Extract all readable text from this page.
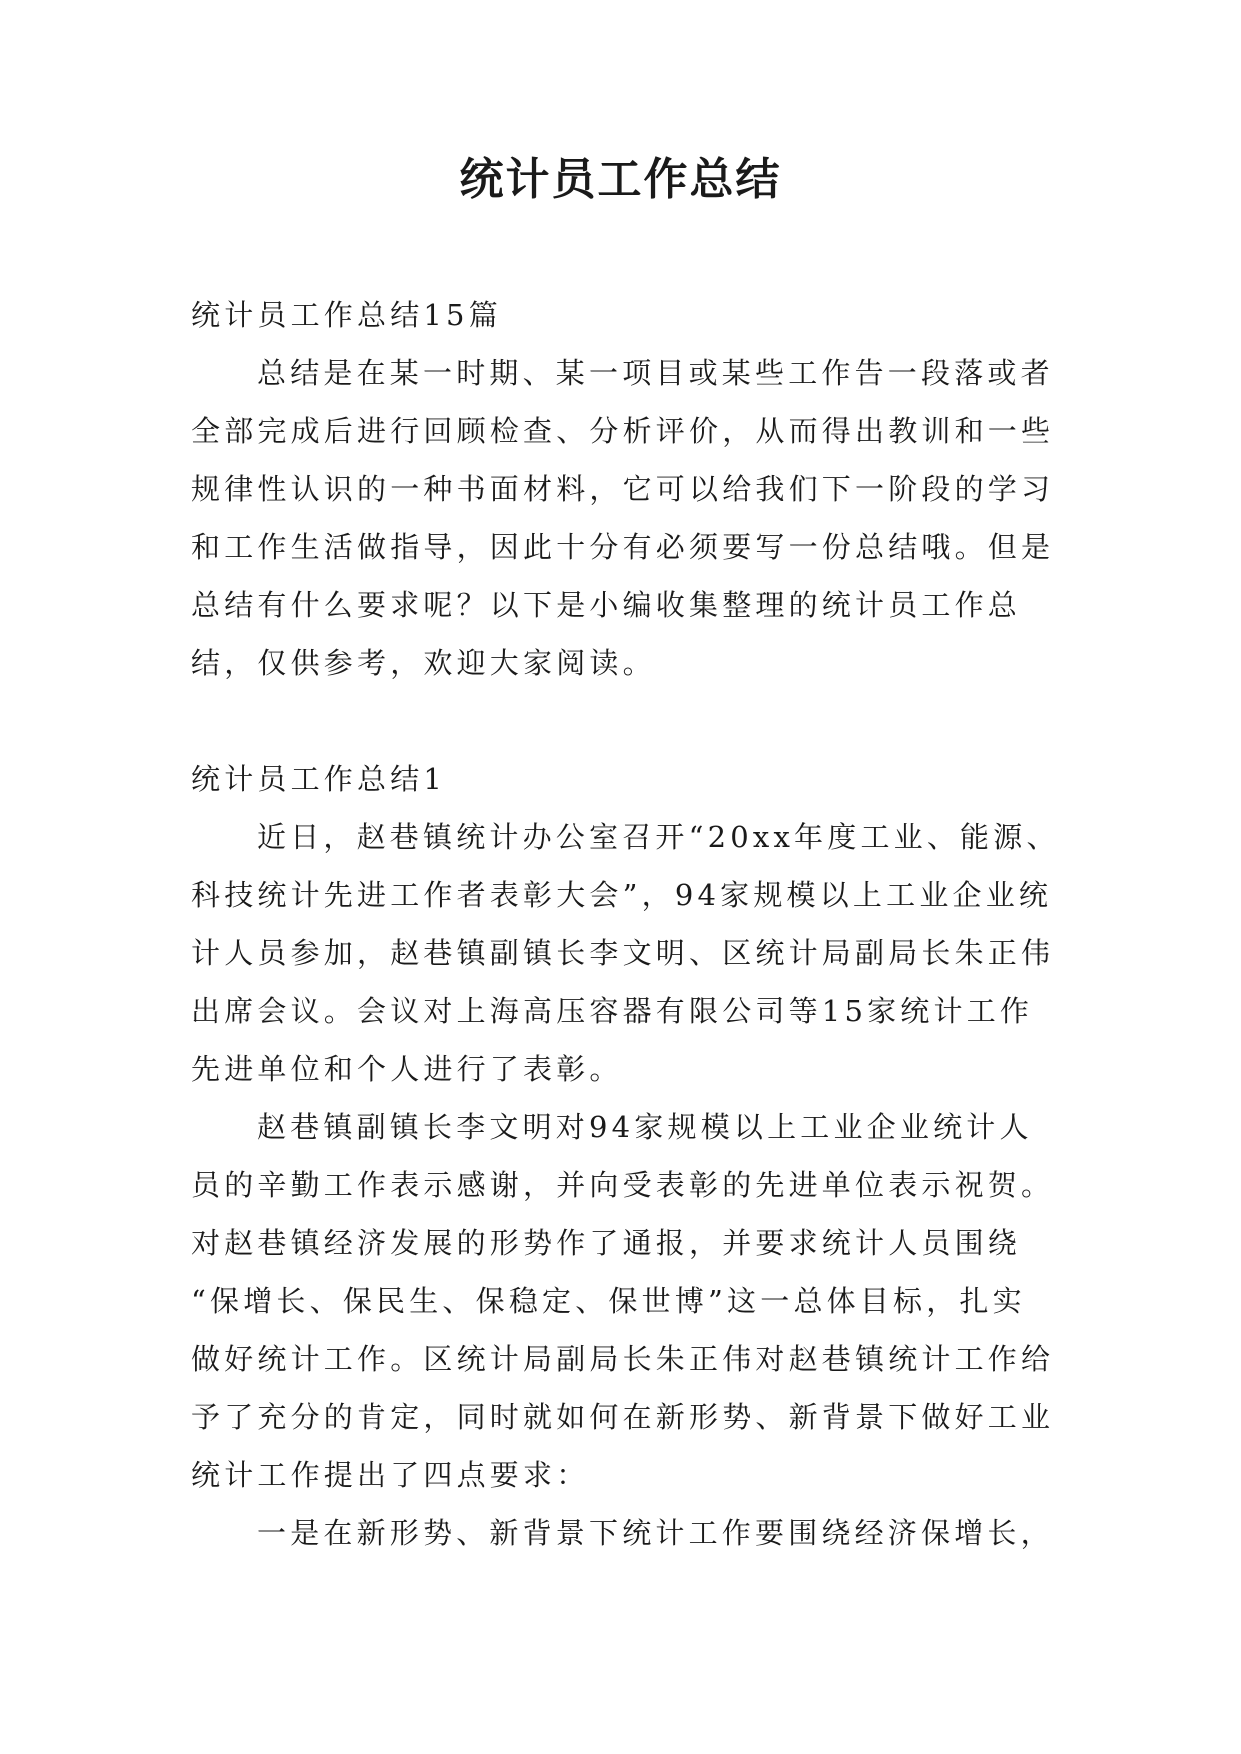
统计员工作总结
统计员工作总结15篇
总结是在某一时期、某一项目或某些工作告一段落或者
全部完成后进行回顾检查、分析评价，从而得出教训和一些
规律性认识的一种书面材料，它可以给我们下一阶段的学习
和工作生活做指导，因此十分有必须要写一份总结哦。但是
总结有什么要求呢？以下是小编收集整理的统计员工作总
结，仅供参考，欢迎大家阅读。
统计员工作总结1
近日，赵巷镇统计办公室召开“20xx年度工业、能源、
科技统计先进工作者表彰大会”，94家规模以上工业企业统
计人员参加，赵巷镇副镇长李文明、区统计局副局长朱正伟
出席会议。会议对上海高压容器有限公司等15家统计工作
先进单位和个人进行了表彰。
赵巷镇副镇长李文明对94家规模以上工业企业统计人
员的辛勤工作表示感谢，并向受表彰的先进单位表示祝贺。
对赵巷镇经济发展的形势作了通报，并要求统计人员围绕
“保增长、保民生、保稳定、保世博”这一总体目标，扎实
做好统计工作。区统计局副局长朱正伟对赵巷镇统计工作给
予了充分的肯定，同时就如何在新形势、新背景下做好工业
统计工作提出了四点要求：
一是在新形势、新背景下统计工作要围绕经济保增长，
